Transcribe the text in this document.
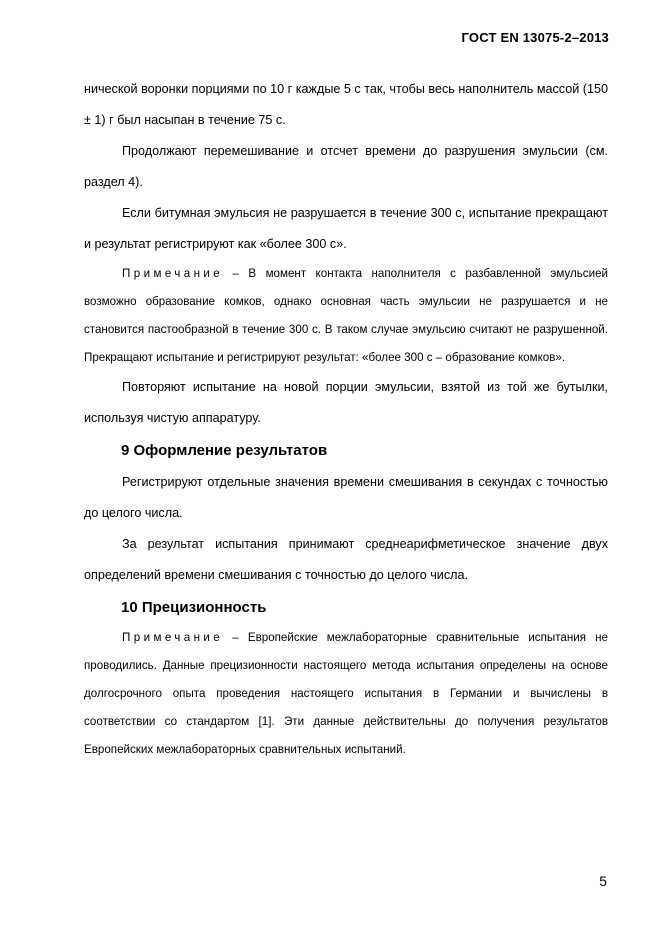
ГОСТ EN 13075-2–2013

нической воронки порциями по 10 г каждые 5 с так, чтобы весь наполнитель массой (150 ± 1) г был насыпан в течение 75 с.

Продолжают перемешивание и отсчет времени до разрушения эмульсии (см. раздел 4).

Если битумная эмульсия не разрушается в течение 300 с, испытание прекращают и результат регистрируют как «более 300 с».

Примечание – В момент контакта наполнителя с разбавленной эмульсией возможно образование комков, однако основная часть эмульсии не разрушается и не становится пастообразной в течение 300 с. В таком случае эмульсию считают не разрушенной. Прекращают испытание и регистрируют результат: «более 300 с – образование комков».

Повторяют испытание на новой порции эмульсии, взятой из той же бутылки, используя чистую аппаратуру.

9 Оформление результатов

Регистрируют отдельные значения времени смешивания в секундах с точностью до целого числа.

За результат испытания принимают среднеарифметическое значение двух определений времени смешивания с точностью до целого числа.

10 Прецизионность

Примечание – Европейские межлабораторные сравнительные испытания не проводились. Данные прецизионности настоящего метода испытания определены на основе долгосрочного опыта проведения настоящего испытания в Германии и вычислены в соответствии со стандартом [1]. Эти данные действительны до получения результатов Европейских межлабораторных сравнительных испытаний.

5
